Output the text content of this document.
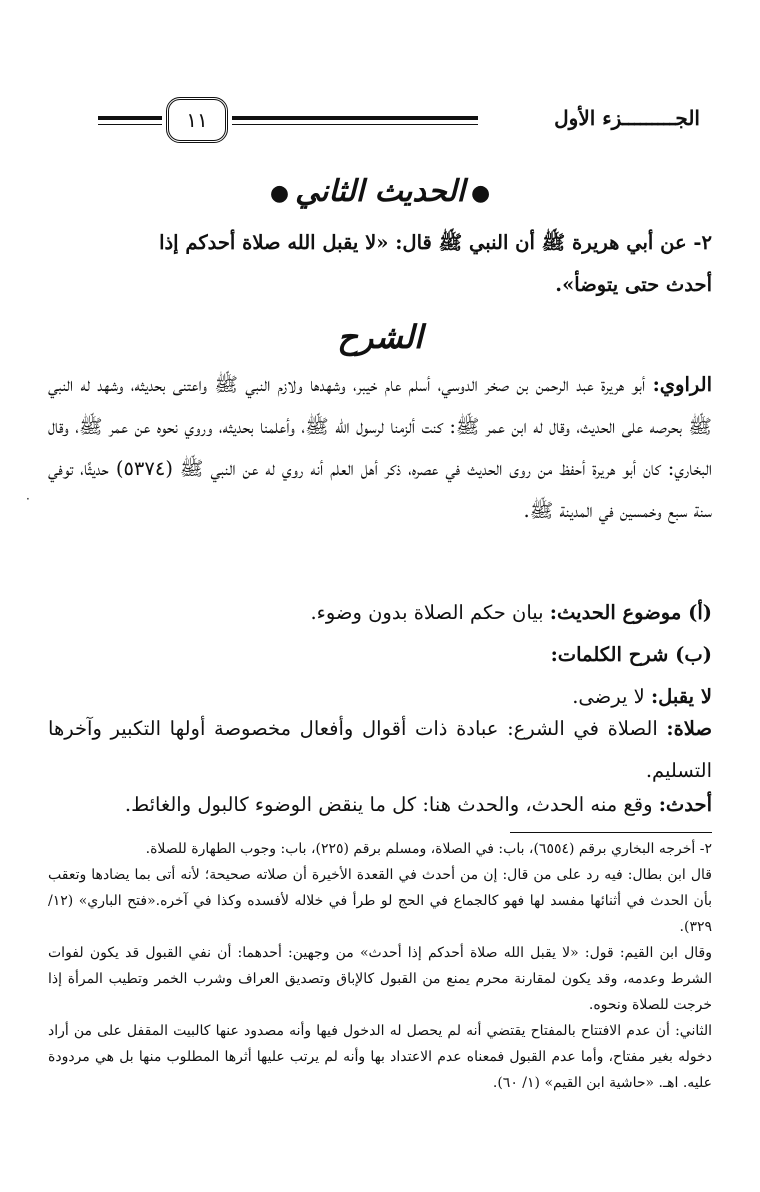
الجـــــــــزء الأول
١١
●الحديث الثاني●
٢- عن أبي هريرة ﷺ أن النبي ﷺ قال: «لا يقبل الله صلاة أحدكم إذا
أحدث حتى يتوضأ».
الشرح
الراوي: أبو هريرة عبد الرحمن بن صخر الدوسي، أسلم عام خيبر، وشهدها ولازم النبي ﷺ واعتنى بحديثه، وشهد له النبي ﷺ بحرصه على الحديث، وقال له ابن عمر ﷺ: كنت ألزمنا لرسول الله ﷺ، وأعلمنا بحديثه، وروي نحوه عن عمر ﷺ، وقال البخاري: كان أبو هريرة أحفظ من روى الحديث في عصره، ذكر أهل العلم أنه روي له عن النبي ﷺ (٥٣٧٤) حديثًا، توفي سنة سبع وخمسين في المدينة ﷺ.
(أ) موضوع الحديث: بيان حكم الصلاة بدون وضوء.
(ب) شرح الكلمات:
لا يقبل: لا يرضى.
صلاة: الصلاة في الشرع: عبادة ذات أقوال وأفعال مخصوصة أولها التكبير وآخرها التسليم.
أحدث: وقع منه الحدث، والحدث هنا: كل ما ينقض الوضوء كالبول والغائط.
٢- أخرجه البخاري برقم (٦٥٥٤)، باب: في الصلاة، ومسلم برقم (٢٢٥)، باب: وجوب الطهارة للصلاة.
قال ابن بطال: فيه رد على من قال: إن من أحدث في القعدة الأخيرة أن صلاته صحيحة؛ لأنه أتى بما يضادها وتعقب بأن الحدث في أثنائها مفسد لها فهو كالجماع في الحج لو طرأ في خلاله لأفسده وكذا في آخره.«فتح الباري» (١٢/ ٣٢٩).
وقال ابن القيم: قول: «لا يقبل الله صلاة أحدكم إذا أحدث» من وجهين: أحدهما: أن نفي القبول قد يكون لفوات الشرط وعدمه، وقد يكون لمقارنة محرم يمنع من القبول كالإباق وتصديق العراف وشرب الخمر وتطيب المرأة إذا خرجت للصلاة ونحوه.
الثاني: أن عدم الافتتاح بالمفتاح يقتضي أنه لم يحصل له الدخول فيها وأنه مصدود عنها كالبيت المقفل على من أراد دخوله بغير مفتاح، وأما عدم القبول فمعناه عدم الاعتداد بها وأنه لم يرتب عليها أثرها المطلوب منها بل هي مردودة عليه. اهـ. «حاشية ابن القيم» (١/ ٦٠).
·
